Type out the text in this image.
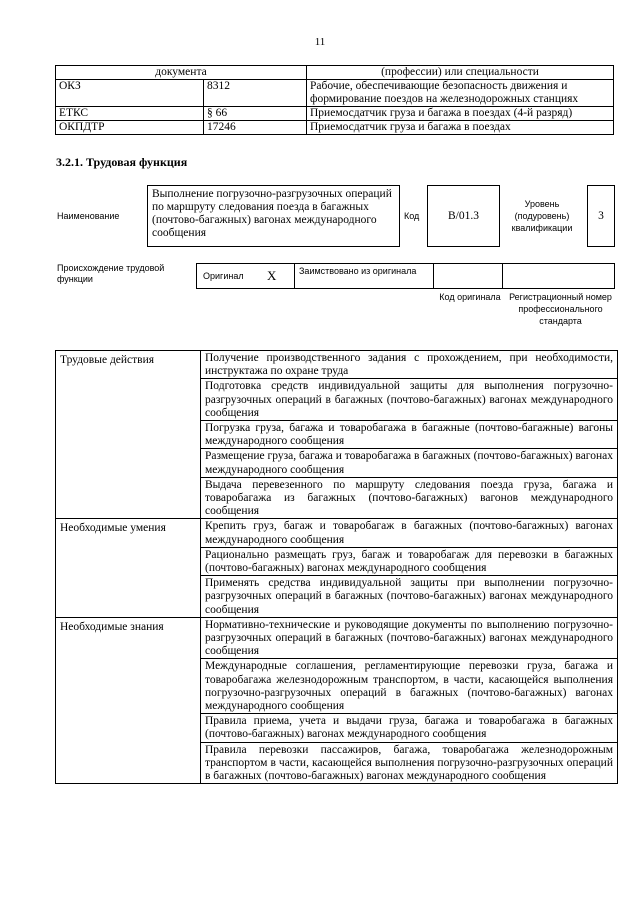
11
документа		(профессии) или специальности
ОКЗ	8312	Рабочие, обеспечивающие безопасность движения и формирование поездов на железнодорожных станциях
ЕТКС	§ 66	Приемосдатчик груза и багажа в поездах (4-й разряд)
ОКПДТР	17246	Приемосдатчик груза и багажа в поездах
3.2.1. Трудовая функция
Наименование
Выполнение погрузочно-разгрузочных операций по маршруту следования поезда в багажных (почтово-багажных) вагонах международного сообщения
Код	В/01.3
Уровень (подуровень) квалификации
3
Происхождение трудовой функции	Оригинал X	Заимствовано из оригинала
Код оригинала Регистрационный номер профессионального стандарта
Трудовые действия	Получение производственного задания с прохождением, при необходимости, инструктажа по охране труда
	Подготовка средств индивидуальной защиты для выполнения погрузочно-разгрузочных операций в багажных (почтово-багажных) вагонах международного сообщения
	Погрузка груза, багажа и товаробагажа в багажные (почтово-багажные) вагоны международного сообщения
	Размещение груза, багажа и товаробагажа в багажных (почтово-багажных) вагонах международного сообщения
	Выдача перевезенного по маршруту следования поезда груза, багажа и товаробагажа из багажных (почтово-багажных) вагонов международного сообщения
Необходимые умения	Крепить груз, багаж и товаробагаж в багажных (почтово-багажных) вагонах международного сообщения
	Рационально размещать груз, багаж и товаробагаж для перевозки в багажных (почтово-багажных) вагонах международного сообщения
	Применять средства индивидуальной защиты при выполнении погрузочно-разгрузочных операций в багажных (почтово-багажных) вагонах международного сообщения
Необходимые знания	Нормативно-технические и руководящие документы по выполнению погрузочно-разгрузочных операций в багажных (почтово-багажных) вагонах международного сообщения
	Международные соглашения, регламентирующие перевозки груза, багажа и товаробагажа железнодорожным транспортом, в части, касающейся выполнения погрузочно-разгрузочных операций в багажных (почтово-багажных) вагонах международного сообщения
	Правила приема, учета и выдачи груза, багажа и товаробагажа в багажных (почтово-багажных) вагонах международного сообщения
	Правила перевозки пассажиров, багажа, товаробагажа железнодорожным транспортом в части, касающейся выполнения погрузочно-разгрузочных операций в багажных (почтово-багажных) вагонах международного сообщения
